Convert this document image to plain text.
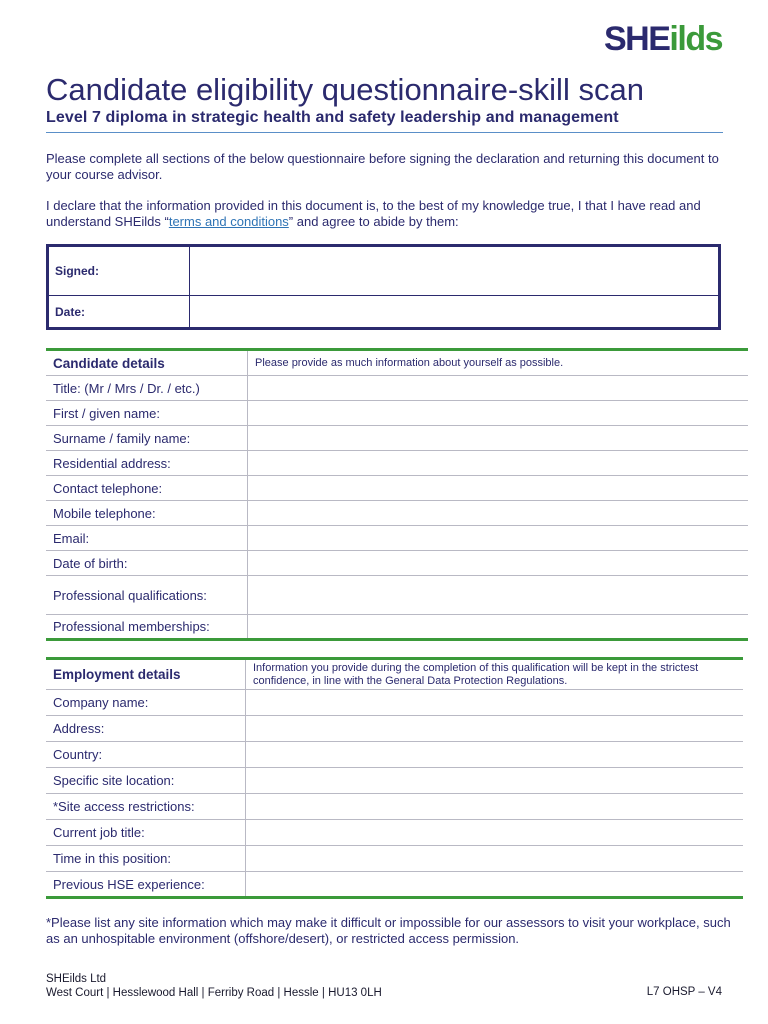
SHEilds
Candidate eligibility questionnaire-skill scan
Level 7 diploma in strategic health and safety leadership and management
Please complete all sections of the below questionnaire before signing the declaration and returning this document to your course advisor.
I declare that the information provided in this document is, to the best of my knowledge true, I that I have read and understand SHEilds “terms and conditions” and agree to abide by them:
Signed:	
Date:	
Candidate details	Please provide as much information about yourself as possible.
Title: (Mr / Mrs / Dr. / etc.)	
First / given name:	
Surname / family name:	
Residential address:	
Contact telephone:	
Mobile telephone:	
Email:	
Date of birth:	
Professional qualifications:	
Professional memberships:	
Employment details	Information you provide during the completion of this qualification will be kept in the strictest confidence, in line with the General Data Protection Regulations.
Company name:	
Address:	
Country:	
Specific site location:	
*Site access restrictions:	
Current job title:	
Time in this position:	
Previous HSE experience:	
*Please list any site information which may make it difficult or impossible for our assessors to visit your workplace, such as an unhospitable environment (offshore/desert), or restricted access permission.
SHEilds Ltd
West Court | Hesslewood Hall | Ferriby Road | Hessle | HU13 0LH	L7 OHSP – V4
